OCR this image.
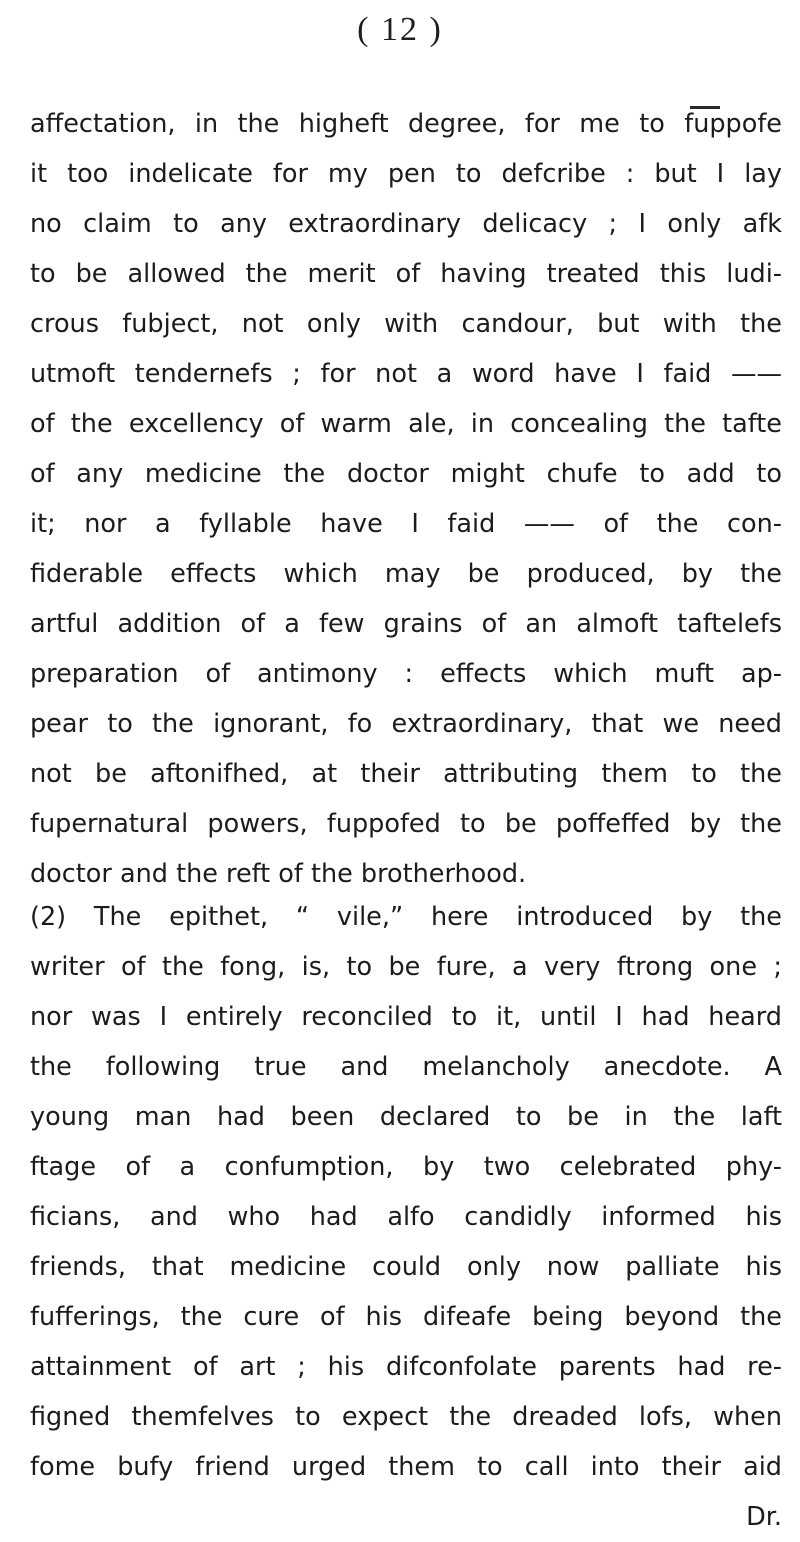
( 12 )
affectation, in the higheft degree, for me to fuppofe
it too indelicate for my pen to defcribe : but I lay
no claim to any extraordinary delicacy ; I only afk
to be allowed the merit of having treated this ludi-
crous fubject, not only with candour, but with the
utmoft tendernefs ; for not a word have I faid ——
of the excellency of warm ale, in concealing the tafte
of any medicine the doctor might chufe to add to
it; nor a fyllable have I faid —— of the con-
fiderable effects which may be produced, by the
artful addition of a few grains of an almoft taftelefs
preparation of antimony : effects which muft ap-
pear to the ignorant, fo extraordinary, that we need
not be aftonifhed, at their attributing them to the
fupernatural powers, fuppofed to be poffeffed by the
doctor and the reft of the brotherhood.
(2) The epithet, “ vile,” here introduced by the
writer of the fong, is, to be fure, a very ftrong one ;
nor was I entirely reconciled to it, until I had heard
the following true and melancholy anecdote. A
young man had been declared to be in the laft
ftage of a confumption, by two celebrated phy-
ficians, and who had alfo candidly informed his
friends, that medicine could only now palliate his
fufferings, the cure of his difeafe being beyond the
attainment of art ; his difconfolate parents had re-
figned themfelves to expect the dreaded lofs, when
fome bufy friend urged them to call into their aid
Dr.
